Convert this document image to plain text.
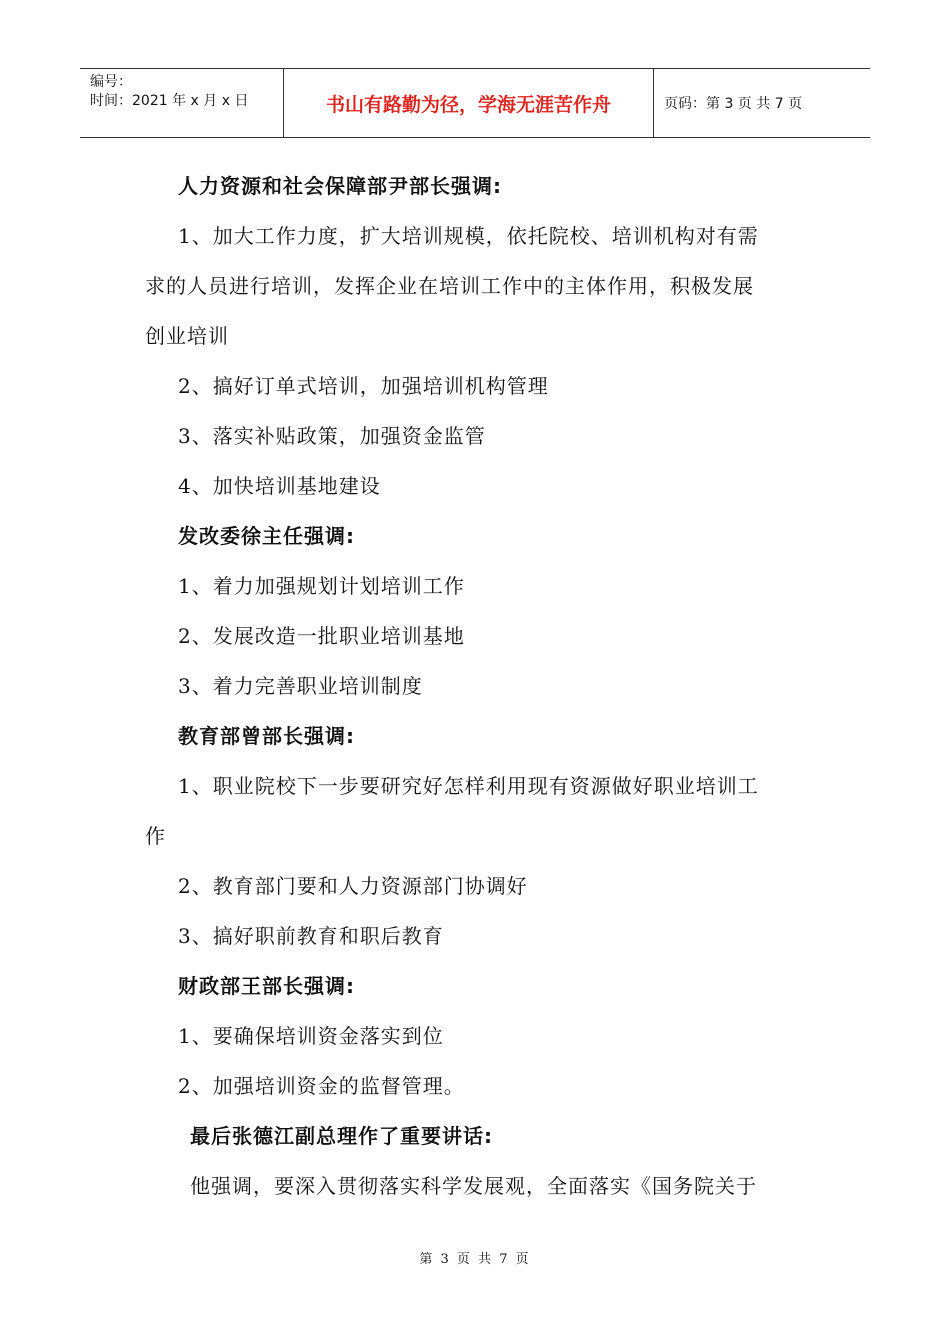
编号：
时间：2021 年 x 月 x 日	书山有路勤为径，学海无涯苦作舟	页码：第 3 页 共 7 页
人力资源和社会保障部尹部长强调:
1、加大工作力度，扩大培训规模，依托院校、培训机构对有需
求的人员进行培训，发挥企业在培训工作中的主体作用，积极发展
创业培训
2、搞好订单式培训，加强培训机构管理
3、落实补贴政策，加强资金监管
4、加快培训基地建设
发改委徐主任强调:
1、着力加强规划计划培训工作
2、发展改造一批职业培训基地
3、着力完善职业培训制度
教育部曾部长强调:
1、职业院校下一步要研究好怎样利用现有资源做好职业培训工
作
2、教育部门要和人力资源部门协调好
3、搞好职前教育和职后教育
财政部王部长强调:
1、要确保培训资金落实到位
2、加强培训资金的监督管理。
最后张德江副总理作了重要讲话:
他强调，要深入贯彻落实科学发展观，全面落实《国务院关于
第 3 页 共 7 页
